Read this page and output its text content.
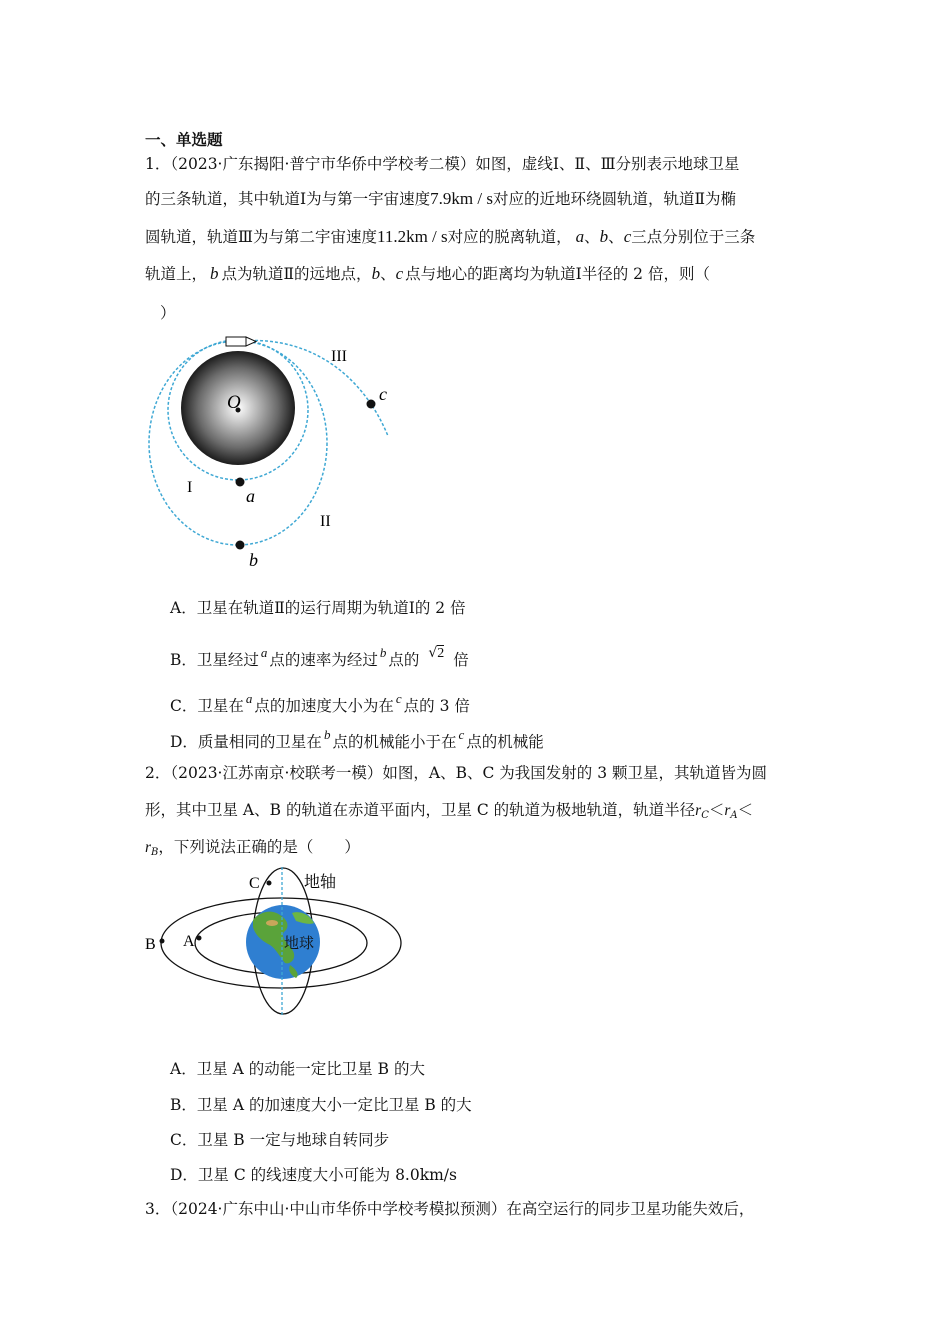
一、单选题
1．（2023·广东揭阳·普宁市华侨中学校考二模）如图，虚线Ⅰ、Ⅱ、Ⅲ分别表示地球卫星
的三条轨道，其中轨道Ⅰ为与第一宇宙速度7.9km / s对应的近地环绕圆轨道，轨道Ⅱ为椭
圆轨道，轨道Ⅲ为与第二宇宙速度11.2km / s对应的脱离轨道， a、b、c三点分别位于三条
轨道上， b 点为轨道Ⅱ的远地点，b、c 点与地心的距离均为轨道Ⅰ半径的 2 倍，则（
）
O
a
b
c
I
II
III
A．卫星在轨道Ⅱ的运行周期为轨道Ⅰ的 2 倍
B．卫星经过 $^a$ 点的速率为经过 $^b$ 点的 √2 倍
C．卫星在 $^a$ 点的加速度大小为在 $^c$ 点的 3 倍
D．质量相同的卫星在 $^b$ 点的机械能小于在 $^c$ 点的机械能
2．（2023·江苏南京·校联考一模）如图，A、B、C 为我国发射的 3 颗卫星，其轨道皆为圆
形，其中卫星 A、B 的轨道在赤道平面内，卫星 C 的轨道为极地轨道，轨道半径$r_C<r_A<$
$r_B$，下列说法正确的是（　　）
C	地轴
B A	地球
A．卫星 A 的动能一定比卫星 B 的大
B．卫星 A 的加速度大小一定比卫星 B 的大
C．卫星 B 一定与地球自转同步
D．卫星 C 的线速度大小可能为 8.0km/s
3．（2024·广东中山·中山市华侨中学校考模拟预测）在高空运行的同步卫星功能失效后，
